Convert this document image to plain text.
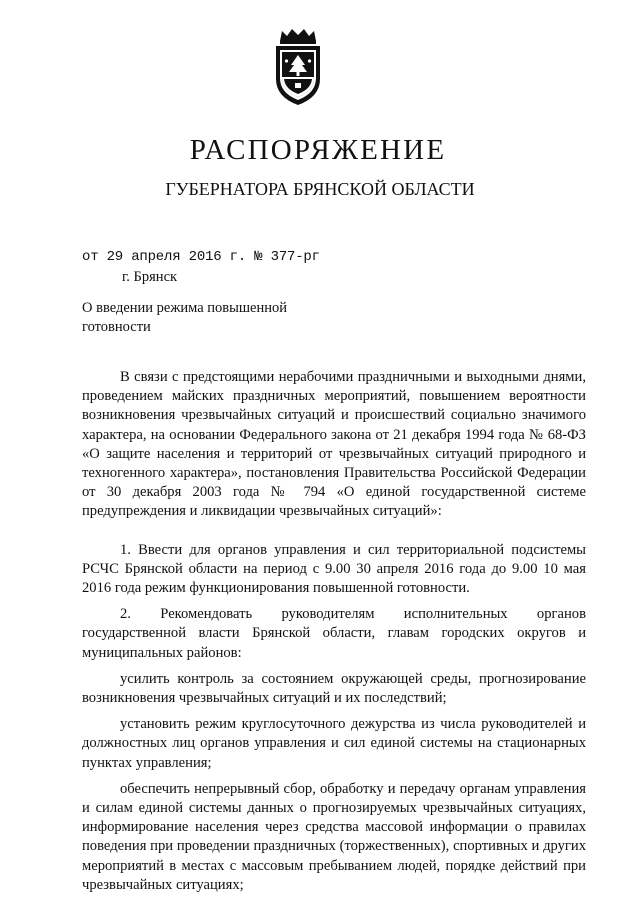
РАСПОРЯЖЕНИЕ
ГУБЕРНАТОРА БРЯНСКОЙ ОБЛАСТИ
от 29 апреля 2016 г. № 377-рг
г. Брянск
О введении режима повышенной
готовности

В связи с предстоящими нерабочими праздничными и выходными днями, проведением майских праздничных мероприятий, повышением вероятности возникновения чрезвычайных ситуаций и происшествий социально значимого характера, на основании Федерального закона от 21 декабря 1994 года № 68-ФЗ «О защите населения и территорий от чрезвычайных ситуаций природного и техногенного характера», постановления Правительства Российской Федерации от 30 декабря 2003 года № 794 «О единой государственной системе предупреждения и ликвидации чрезвычайных ситуаций»:

1. Ввести для органов управления и сил территориальной подсистемы РСЧС Брянской области на период с 9.00 30 апреля 2016 года до 9.00 10 мая 2016 года режим функционирования повышенной готовности.

2. Рекомендовать руководителям исполнительных органов государственной власти Брянской области, главам городских округов и муниципальных районов:

усилить контроль за состоянием окружающей среды, прогнозирование возникновения чрезвычайных ситуаций и их последствий;

установить режим круглосуточного дежурства из числа руководителей и должностных лиц органов управления и сил единой системы на стационарных пунктах управления;

обеспечить непрерывный сбор, обработку и передачу органам управления и силам единой системы данных о прогнозируемых чрезвычайных ситуациях, информирование населения через средства массовой информации о правилах поведения при проведении праздничных (торжественных), спортивных и других мероприятий в местах с массовым пребыванием людей, порядке действий при чрезвычайных ситуациях;
